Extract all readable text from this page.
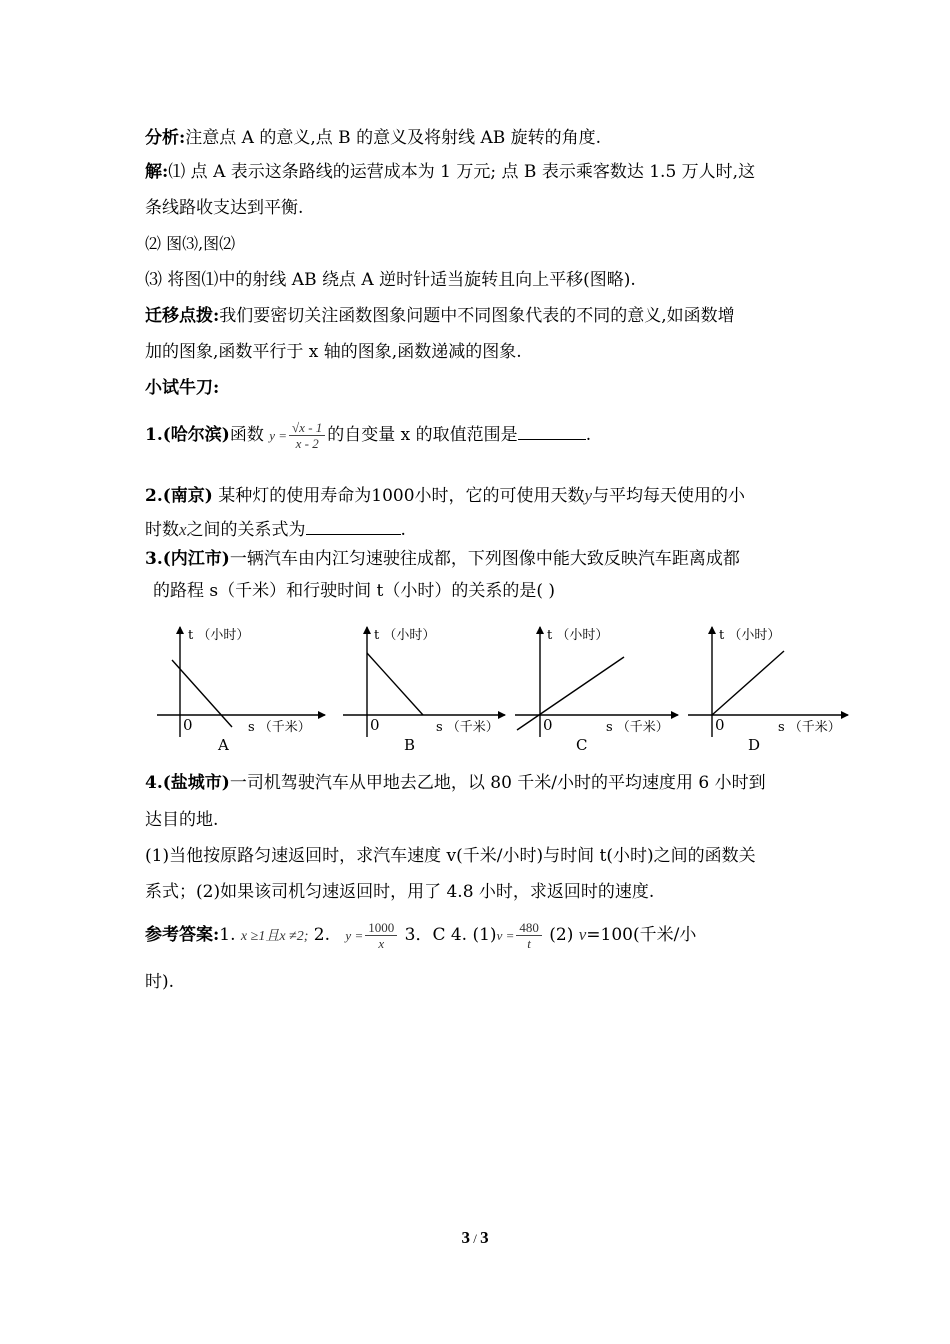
分析:注意点 A 的意义,点 B 的意义及将射线 AB 旋转的角度.
解:⑴ 点 A 表示这条路线的运营成本为 1 万元; 点 B 表示乘客数达 1.5 万人时,这
条线路收支达到平衡.
⑵ 图⑶,图⑵
⑶ 将图⑴中的射线 AB 绕点 A 逆时针适当旋转且向上平移(图略).
迁移点拨:我们要密切关注函数图象问题中不同图象代表的不同的意义,如函数增
加的图象,函数平行于 x 轴的图象,函数递减的图象.
小试牛刀:
1.(哈尔滨)函数 $y = \frac{√x - 1}{x - 2}$ 的自变量 x 的取值范围是	.
2.(南京) 某种灯的使用寿命为1000小时，它的可使用天数y与平均每天使用的小
时数x之间的关系式为	.
3.(内江市)一辆汽车由内江匀速驶往成都，下列图像中能大致反映汽车距离成都
的路程 s（千米）和行驶时间 t（小时）的关系的是( )
t （小时）
s （千米）
0
A
t （小时）
s （千米）
0
B
t （小时）
s （千米）
0
C
t （小时）
s （千米）
0
D
4.(盐城市)一司机驾驶汽车从甲地去乙地，以 80 千米/小时的平均速度用 6 小时到
达目的地.
(1)当他按原路匀速返回时，求汽车速度 v(千米/小时)与时间 t(小时)之间的函数关
系式；(2)如果该司机匀速返回时，用了 4.8 小时，求返回时的速度.
参考答案:1. x ≥1且x ≠2; 2. $y = \frac{1000}{x} 3$．C 4. $(1)v = \frac{480}{t} (2)$ v=100(千米/小
时).
3 / 3
